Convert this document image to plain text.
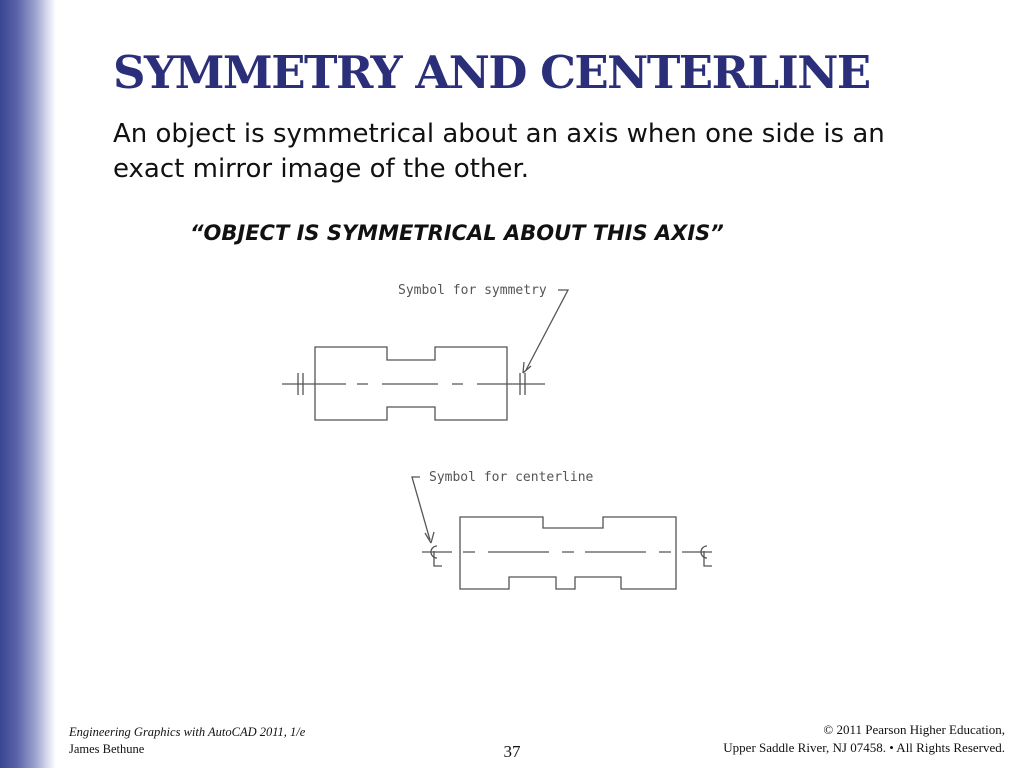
SYMMETRY AND CENTERLINE
An object is symmetrical about an axis when one side is an exact mirror image of the other.
“OBJECT IS SYMMETRICAL ABOUT THIS AXIS”
Symbol for symmetry
Symbol for centerline
Engineering Graphics with AutoCAD 2011, 1/e
James Bethune	37
© 2011 Pearson Higher Education,
Upper Saddle River, NJ 07458. • All Rights Reserved.
